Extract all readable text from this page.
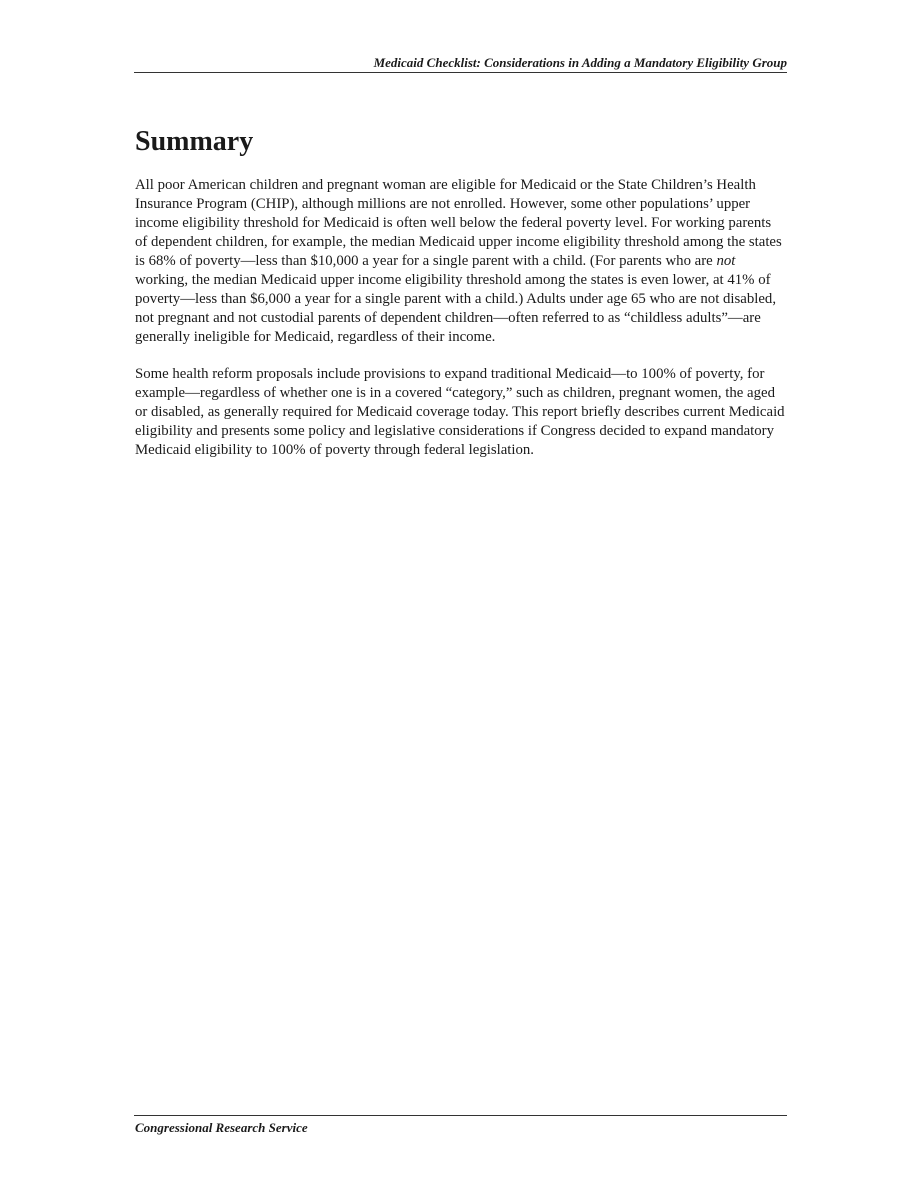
Medicaid Checklist: Considerations in Adding a Mandatory Eligibility Group
Summary

All poor American children and pregnant woman are eligible for Medicaid or the State Children’s Health Insurance Program (CHIP), although millions are not enrolled. However, some other populations’ upper income eligibility threshold for Medicaid is often well below the federal poverty level. For working parents of dependent children, for example, the median Medicaid upper income eligibility threshold among the states is 68% of poverty—less than $10,000 a year for a single parent with a child. (For parents who are not working, the median Medicaid upper income eligibility threshold among the states is even lower, at 41% of poverty—less than $6,000 a year for a single parent with a child.) Adults under age 65 who are not disabled, not pregnant and not custodial parents of dependent children—often referred to as “childless adults”—are generally ineligible for Medicaid, regardless of their income.

Some health reform proposals include provisions to expand traditional Medicaid—to 100% of poverty, for example—regardless of whether one is in a covered “category,” such as children, pregnant women, the aged or disabled, as generally required for Medicaid coverage today. This report briefly describes current Medicaid eligibility and presents some policy and legislative considerations if Congress decided to expand mandatory Medicaid eligibility to 100% of poverty through federal legislation.

Congressional Research Service
